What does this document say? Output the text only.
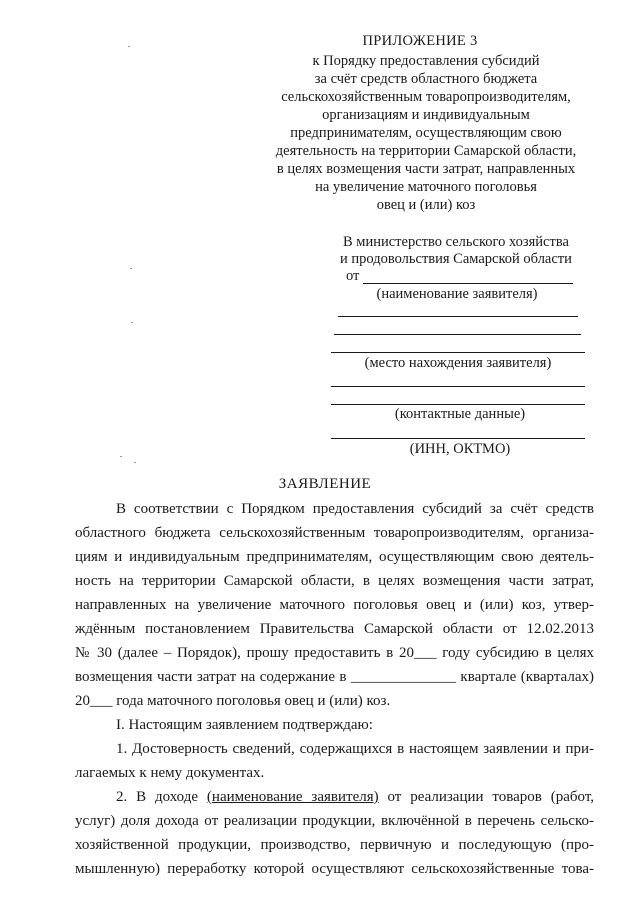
ПРИЛОЖЕНИЕ 3
к Порядку предоставления субсидий
за счёт средств областного бюджета
сельскохозяйственным товаропроизводителям,
организациям и индивидуальным
предпринимателям, осуществляющим свою
деятельность на территории Самарской области,
в целях возмещения части затрат, направленных
на увеличение маточного поголовья
овец и (или) коз
В министерство сельского хозяйства
и продовольствия Самарской области
от
(наименование заявителя)
(место нахождения заявителя)
(контактные данные)
(ИНН, ОКТМО)
ЗАЯВЛЕНИЕ
В соответствии с Порядком предоставления субсидий за счёт средств
областного бюджета сельскохозяйственным товаропроизводителям, организа-
циям и индивидуальным предпринимателям, осуществляющим свою деятель-
ность на территории Самарской области, в целях возмещения части затрат,
направленных на увеличение маточного поголовья овец и (или) коз, утвер-
ждённым постановлением Правительства Самарской области от 12.02.2013
№ 30 (далее – Порядок), прошу предоставить в 20___ году субсидию в целях
возмещения части затрат на содержание в ______________ квартале (кварталах)
20___ года маточного поголовья овец и (или) коз.
I. Настоящим заявлением подтверждаю:
1. Достоверность сведений, содержащихся в настоящем заявлении и при-
лагаемых к нему документах.
2. В доходе (наименование заявителя) от реализации товаров (работ,
услуг) доля дохода от реализации продукции, включённой в перечень сельско-
хозяйственной продукции, производство, первичную и последующую (про-
мышленную) переработку которой осуществляют сельскохозяйственные това-
